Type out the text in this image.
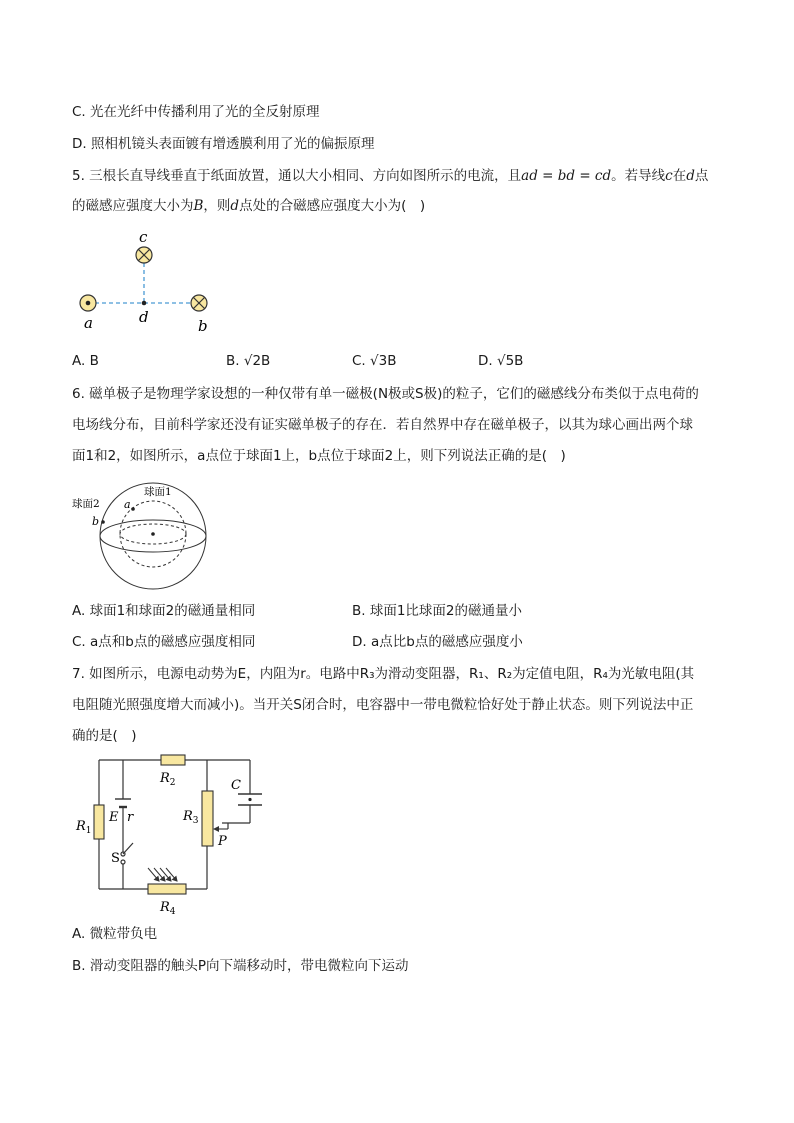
C. 光在光纤中传播利用了光的全反射原理
D. 照相机镜头表面镀有增透膜利用了光的偏振原理
5. 三根长直导线垂直于纸面放置，通以大小相同、方向如图所示的电流，且ad = bd = cd。若导线c在d点
的磁感应强度大小为B，则d点处的合磁感应强度大小为(　)
c
a	d	b
A. B	B. √2B	C. √3B	D. √5B
6. 磁单极子是物理学家设想的一种仅带有单一磁极(N极或S极)的粒子，它们的磁感线分布类似于点电荷的
电场线分布，目前科学家还没有证实磁单极子的存在．若自然界中存在磁单极子，以其为球心画出两个球
面1和2，如图所示，a点位于球面1上，b点位于球面2上，则下列说法正确的是(　)
球面2
球面1
a
b
A. 球面1和球面2的磁通量相同	B. 球面1比球面2的磁通量小
C. a点和b点的磁感应强度相同	D. a点比b点的磁感应强度小
7. 如图所示，电源电动势为E，内阻为r。电路中R₃为滑动变阻器，R₁、R₂为定值电阻，R₄为光敏电阻(其
电阻随光照强度增大而减小)。当开关S闭合时，电容器中一带电微粒恰好处于静止状态。则下列说法中正
确的是(　)
$R_2$
$R_1$
$R_3$
$R_4$
E r
S
C
P
A. 微粒带负电
B. 滑动变阻器的触头P向下端移动时，带电微粒向下运动
